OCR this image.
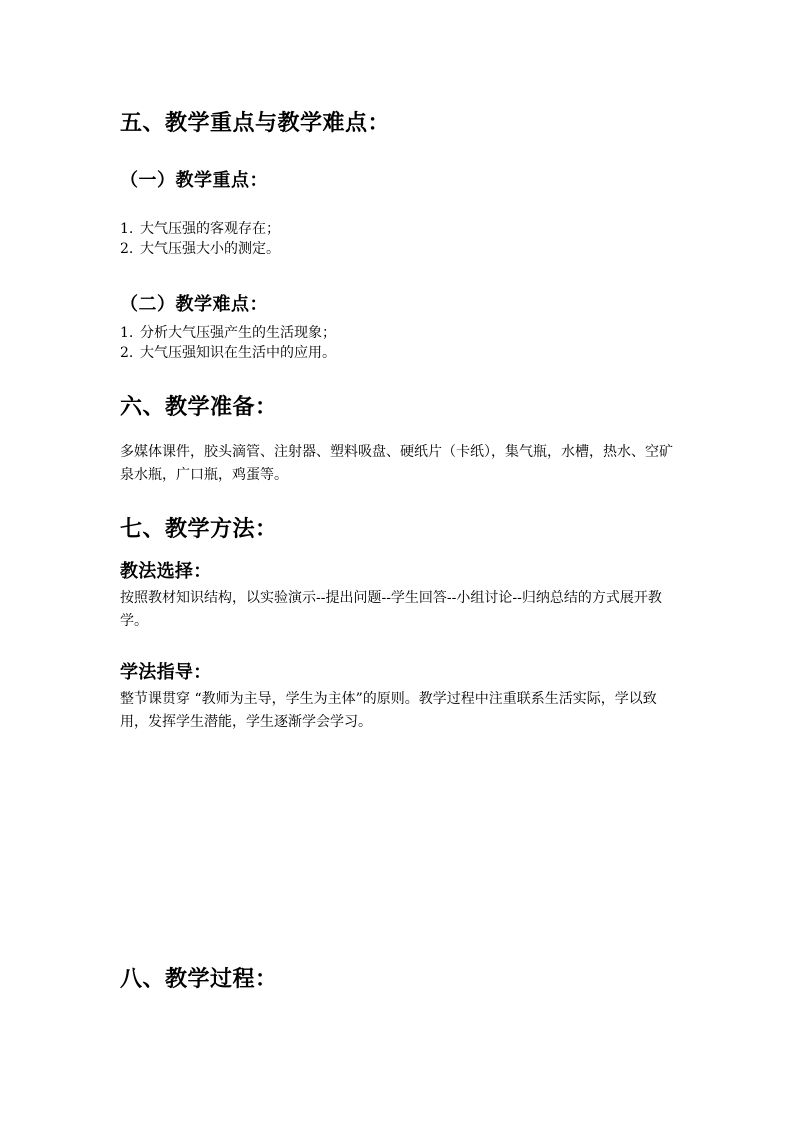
五、教学重点与教学难点：
（一）教学重点：
1. 大气压强的客观存在；
2. 大气压强大小的测定。
（二）教学难点：
1. 分析大气压强产生的生活现象；
2. 大气压强知识在生活中的应用。
六、教学准备：
多媒体课件，胶头滴管、注射器、塑料吸盘、硬纸片（卡纸），集气瓶，水槽，热水、空矿泉水瓶，广口瓶，鸡蛋等。
七、教学方法：
教法选择：
按照教材知识结构，以实验演示--提出问题--学生回答--小组讨论--归纳总结的方式展开教学。
学法指导：
整节课贯穿 “教师为主导，学生为主体”的原则。教学过程中注重联系生活实际，学以致用，发挥学生潜能，学生逐渐学会学习。
八、教学过程：
